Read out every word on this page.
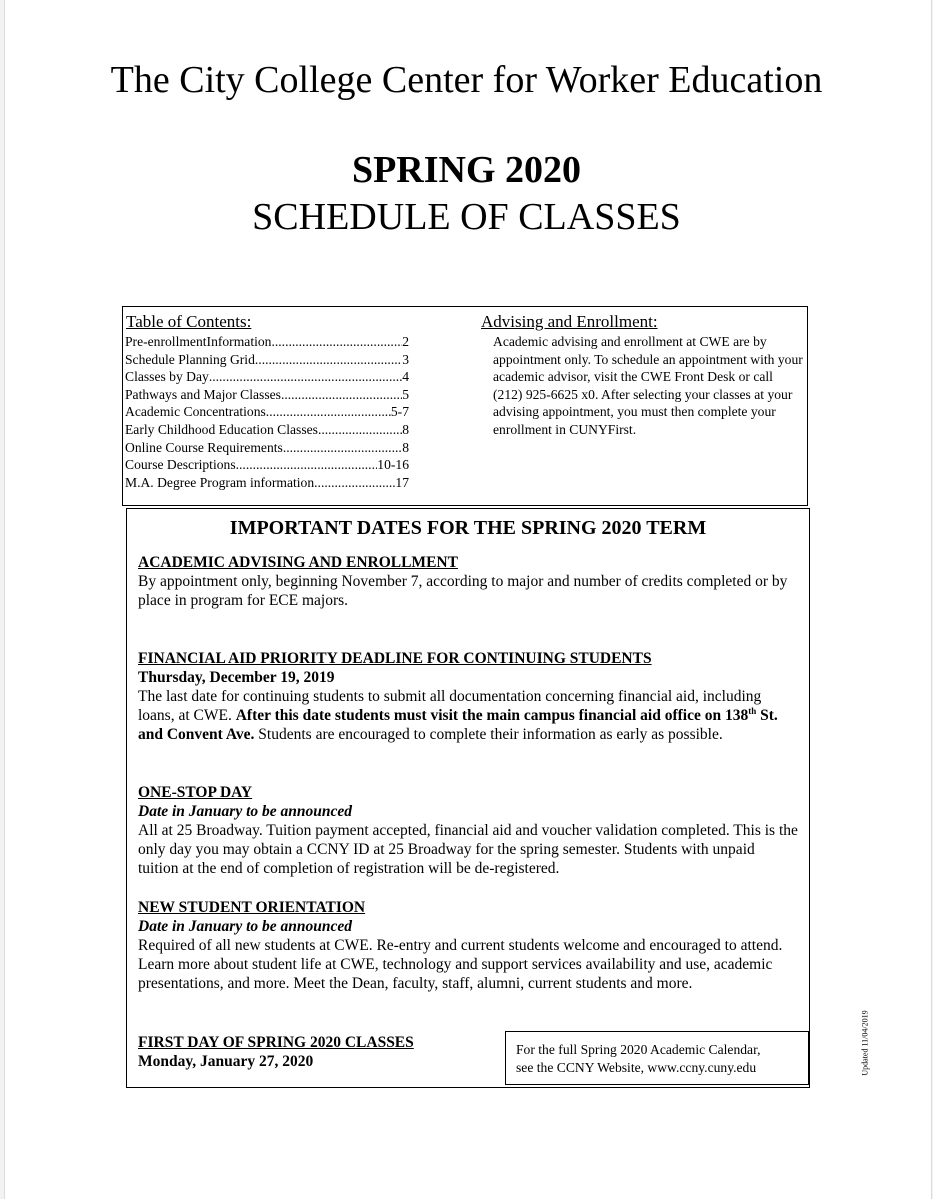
The City College Center for Worker Education
SPRING 2020
SCHEDULE OF CLASSES
Table of Contents:
Pre-enrollmentInformation .....	2
Schedule Planning Grid .....	3
Classes by Day .....	4
Pathways and Major Classes .....	5
Academic Concentrations .....	5-7
Early Childhood Education Classes .....	8
Online Course Requirements .....	8
Course Descriptions .....	10-16
M.A. Degree Program information .....	17
Advising and Enrollment:
Academic advising and enrollment at CWE are by appointment only. To schedule an appointment with your academic advisor, visit the CWE Front Desk or call (212) 925-6625 x0. After selecting your classes at your advising appointment, you must then complete your enrollment in CUNYFirst.
IMPORTANT DATES FOR THE SPRING 2020 TERM
ACADEMIC ADVISING AND ENROLLMENT
By appointment only, beginning November 7, according to major and number of credits completed or by place in program for ECE majors.
FINANCIAL AID PRIORITY DEADLINE FOR CONTINUING STUDENTS
Thursday, December 19, 2019
The last date for continuing students to submit all documentation concerning financial aid, including loans, at CWE. After this date students must visit the main campus financial aid office on 138th St. and Convent Ave. Students are encouraged to complete their information as early as possible.
ONE-STOP DAY
Date in January to be announced
All at 25 Broadway. Tuition payment accepted, financial aid and voucher validation completed. This is the only day you may obtain a CCNY ID at 25 Broadway for the spring semester. Students with unpaid tuition at the end of completion of registration will be de-registered.
NEW STUDENT ORIENTATION
Date in January to be announced
Required of all new students at CWE. Re-entry and current students welcome and encouraged to attend. Learn more about student life at CWE, technology and support services availability and use, academic presentations, and more. Meet the Dean, faculty, staff, alumni, current students and more.
FIRST DAY OF SPRING 2020 CLASSES
Monday, January 27, 2020
For the full Spring 2020 Academic Calendar,
see the CCNY Website, www.ccny.cuny.edu	Updated 11/04/2019
